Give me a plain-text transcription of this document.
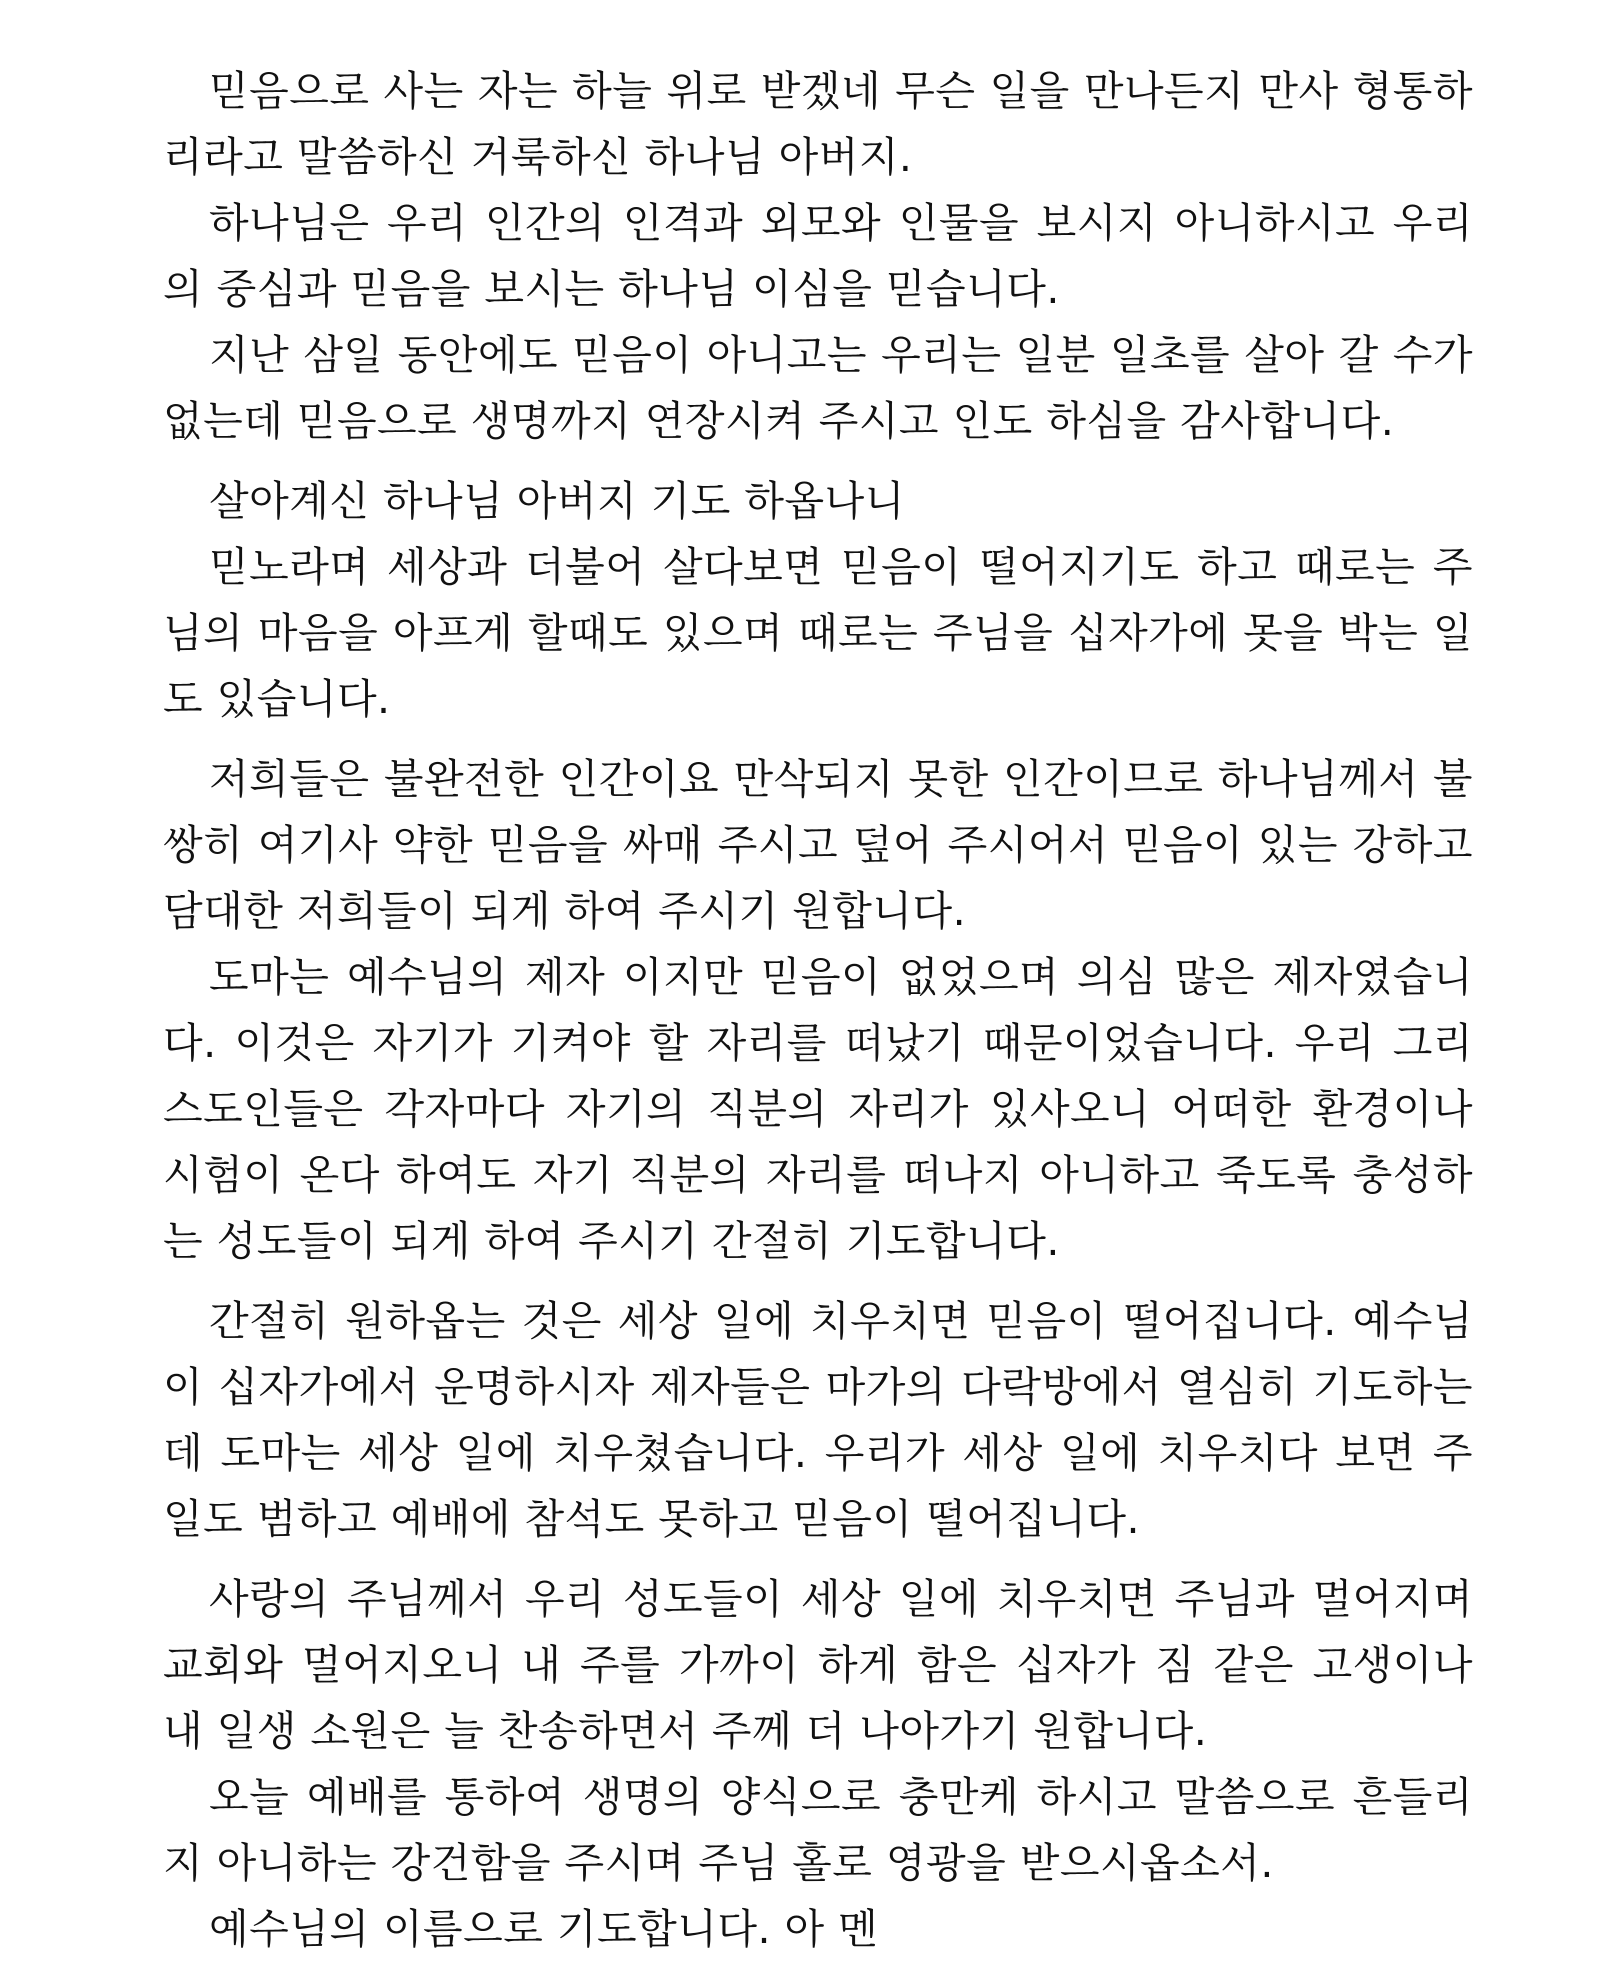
믿음으로 사는 자는 하늘 위로 받겠네 무슨 일을 만나든지 만사 형통하리라고 말씀하신 거룩하신 하나님 아버지.

하나님은 우리 인간의 인격과 외모와 인물을 보시지 아니하시고 우리의 중심과 믿음을 보시는 하나님 이심을 믿습니다.

지난 삼일 동안에도 믿음이 아니고는 우리는 일분 일초를 살아 갈 수가 없는데 믿음으로 생명까지 연장시켜 주시고 인도 하심을 감사합니다.

살아계신 하나님 아버지 기도 하옵나니

믿노라며 세상과 더불어 살다보면 믿음이 떨어지기도 하고 때로는 주님의 마음을 아프게 할때도 있으며 때로는 주님을 십자가에 못을 박는 일도 있습니다.

저희들은 불완전한 인간이요 만삭되지 못한 인간이므로 하나님께서 불쌍히 여기사 약한 믿음을 싸매 주시고 덮어 주시어서 믿음이 있는 강하고 담대한 저희들이 되게 하여 주시기 원합니다.

도마는 예수님의 제자 이지만 믿음이 없었으며 의심 많은 제자였습니다. 이것은 자기가 기켜야 할 자리를 떠났기 때문이었습니다. 우리 그리스도인들은 각자마다 자기의 직분의 자리가 있사오니 어떠한 환경이나 시험이 온다 하여도 자기 직분의 자리를 떠나지 아니하고 죽도록 충성하는 성도들이 되게 하여 주시기 간절히 기도합니다.

간절히 원하옵는 것은 세상 일에 치우치면 믿음이 떨어집니다. 예수님이 십자가에서 운명하시자 제자들은 마가의 다락방에서 열심히 기도하는데 도마는 세상 일에 치우쳤습니다. 우리가 세상 일에 치우치다 보면 주일도 범하고 예배에 참석도 못하고 믿음이 떨어집니다.

사랑의 주님께서 우리 성도들이 세상 일에 치우치면 주님과 멀어지며 교회와 멀어지오니 내 주를 가까이 하게 함은 십자가 짐 같은 고생이나 내 일생 소원은 늘 찬송하면서 주께 더 나아가기 원합니다.

오늘 예배를 통하여 생명의 양식으로 충만케 하시고 말씀으로 흔들리지 아니하는 강건함을 주시며 주님 홀로 영광을 받으시옵소서.

예수님의 이름으로 기도합니다. 아 멘
